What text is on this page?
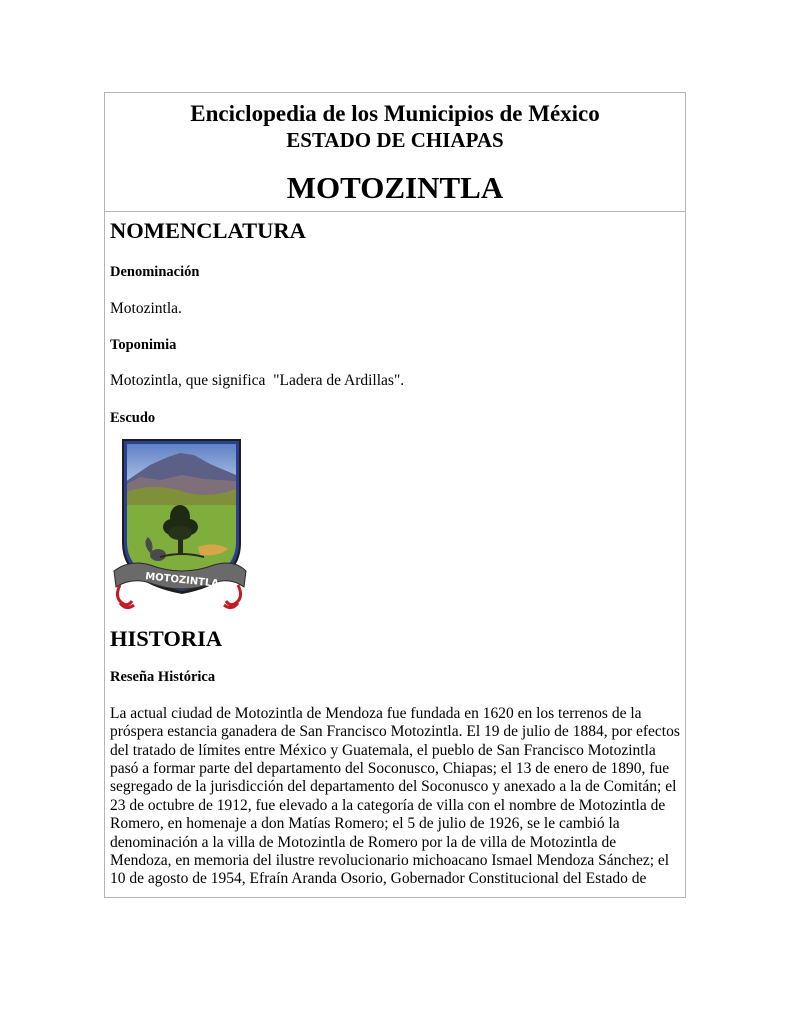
Enciclopedia de los Municipios de México
ESTADO DE CHIAPAS
MOTOZINTLA
NOMENCLATURA
Denominación
Motozintla.
Toponimia
Motozintla, que significa  "Ladera de Ardillas".
Escudo
MOTOZINTLA
HISTORIA
Reseña Histórica
La actual ciudad de Motozintla de Mendoza fue fundada en 1620 en los terrenos de la
próspera estancia ganadera de San Francisco Motozintla. El 19 de julio de 1884, por efectos
del tratado de límites entre México y Guatemala, el pueblo de San Francisco Motozintla
pasó a formar parte del departamento del Soconusco, Chiapas; el 13 de enero de 1890, fue
segregado de la jurisdicción del departamento del Soconusco y anexado a la de Comitán; el
23 de octubre de 1912, fue elevado a la categoría de villa con el nombre de Motozintla de
Romero, en homenaje a don Matías Romero; el 5 de julio de 1926, se le cambió la
denominación a la villa de Motozintla de Romero por la de villa de Motozintla de
Mendoza, en memoria del ilustre revolucionario michoacano Ismael Mendoza Sánchez; el
10 de agosto de 1954, Efraín Aranda Osorio, Gobernador Constitucional del Estado de
